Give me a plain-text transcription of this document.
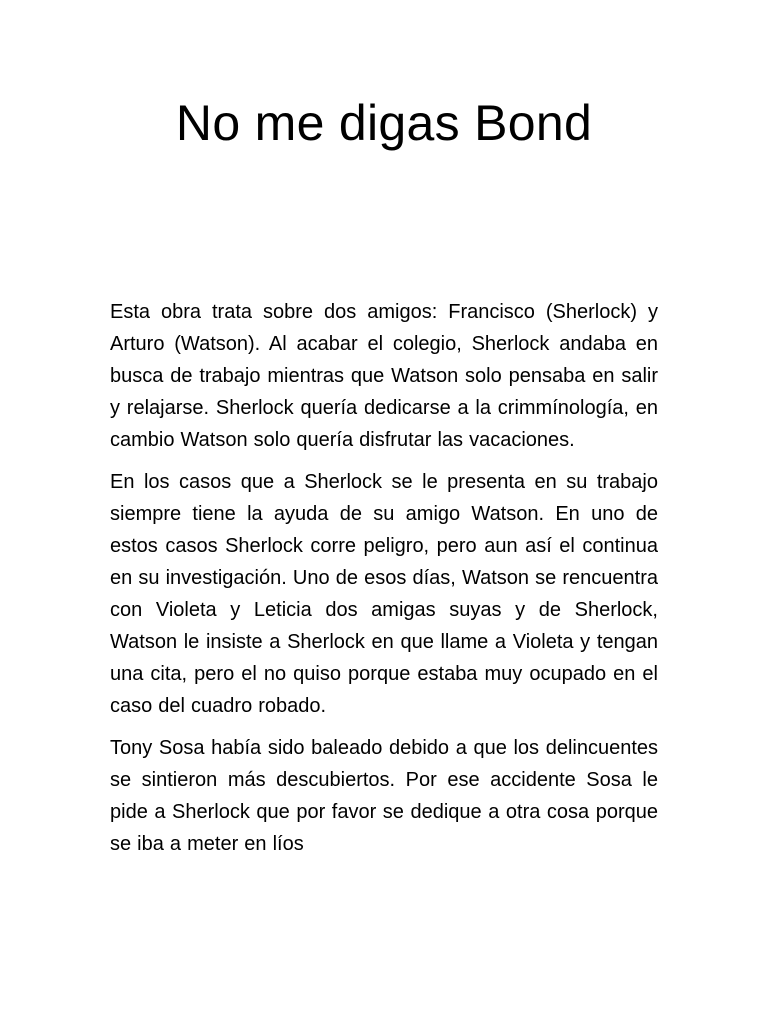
No me digas Bond

Esta obra trata sobre dos amigos: Francisco (Sherlock) y Arturo (Watson). Al acabar el colegio, Sherlock andaba en busca de trabajo mientras que Watson solo pensaba en salir y relajarse. Sherlock quería dedicarse a la crimmínología, en cambio Watson solo quería disfrutar las vacaciones.

En los casos que a Sherlock se le presenta en su trabajo siempre tiene la ayuda de su amigo Watson. En uno de estos casos Sherlock corre peligro, pero aun así el continua en su investigación. Uno de esos días, Watson se rencuentra con Violeta y Leticia dos amigas suyas y de Sherlock, Watson le insiste a Sherlock en que llame a Violeta y tengan una cita, pero el no quiso porque estaba muy ocupado en el caso del cuadro robado.

Tony Sosa había sido baleado debido a que los delincuentes se sintieron más descubiertos. Por ese accidente Sosa le pide a Sherlock que por favor se dedique a otra cosa porque se iba a meter en líos
